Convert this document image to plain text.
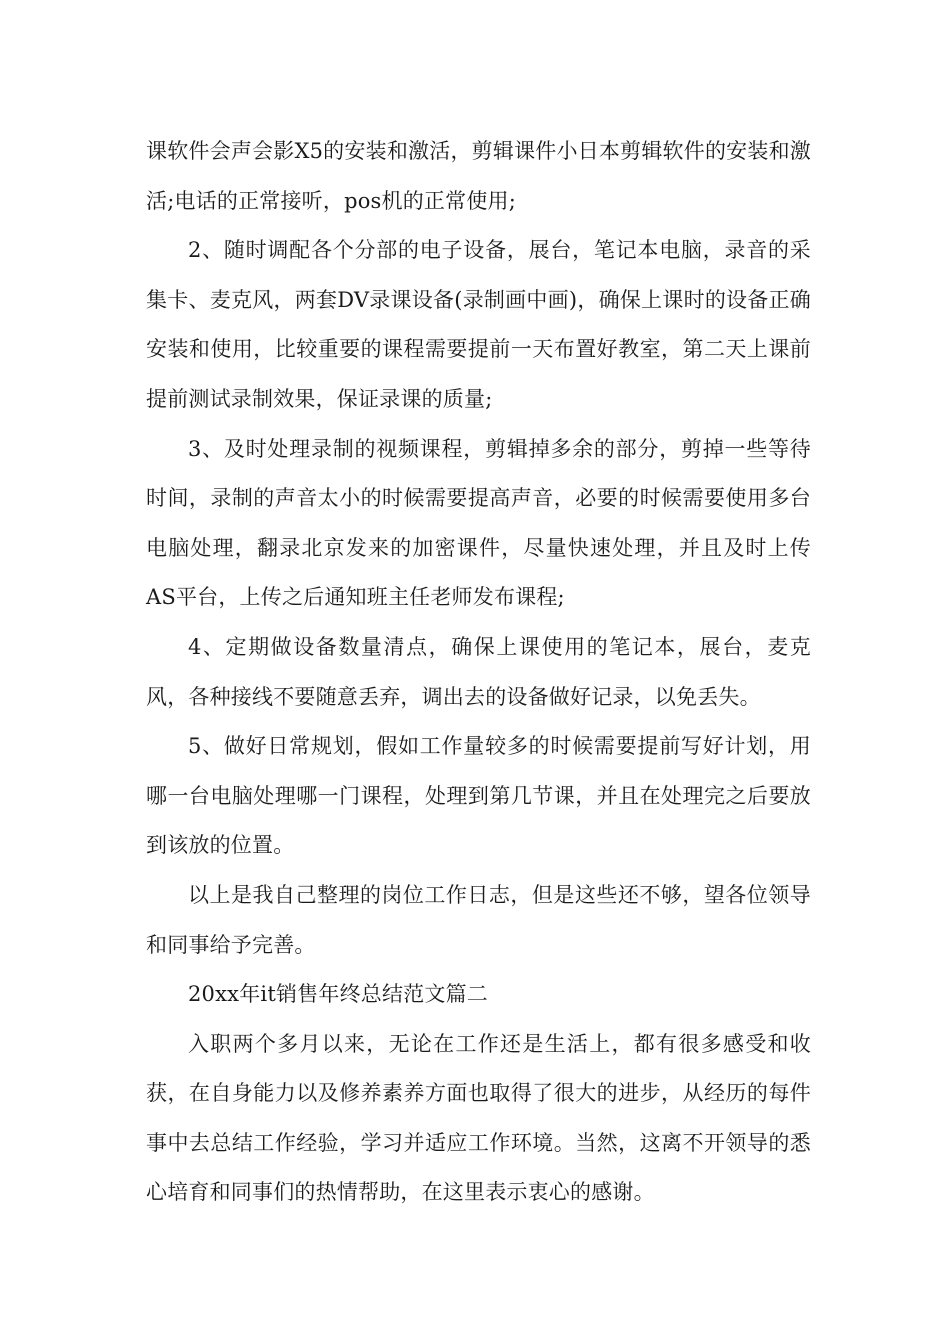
课软件会声会影X5的安装和激活，剪辑课件小日本剪辑软件的安装和激活;电话的正常接听，pos机的正常使用;

2、随时调配各个分部的电子设备，展台，笔记本电脑，录音的采集卡、麦克风，两套DV录课设备(录制画中画)，确保上课时的设备正确安装和使用，比较重要的课程需要提前一天布置好教室，第二天上课前提前测试录制效果，保证录课的质量;

3、及时处理录制的视频课程，剪辑掉多余的部分，剪掉一些等待时间，录制的声音太小的时候需要提高声音，必要的时候需要使用多台电脑处理，翻录北京发来的加密课件，尽量快速处理，并且及时上传AS平台，上传之后通知班主任老师发布课程;

4、定期做设备数量清点，确保上课使用的笔记本，展台，麦克风，各种接线不要随意丢弃，调出去的设备做好记录，以免丢失。

5、做好日常规划，假如工作量较多的时候需要提前写好计划，用哪一台电脑处理哪一门课程，处理到第几节课，并且在处理完之后要放到该放的位置。

以上是我自己整理的岗位工作日志，但是这些还不够，望各位领导和同事给予完善。

20xx年it销售年终总结范文篇二

入职两个多月以来，无论在工作还是生活上，都有很多感受和收获，在自身能力以及修养素养方面也取得了很大的进步，从经历的每件事中去总结工作经验，学习并适应工作环境。当然，这离不开领导的悉心培育和同事们的热情帮助，在这里表示衷心的感谢。
